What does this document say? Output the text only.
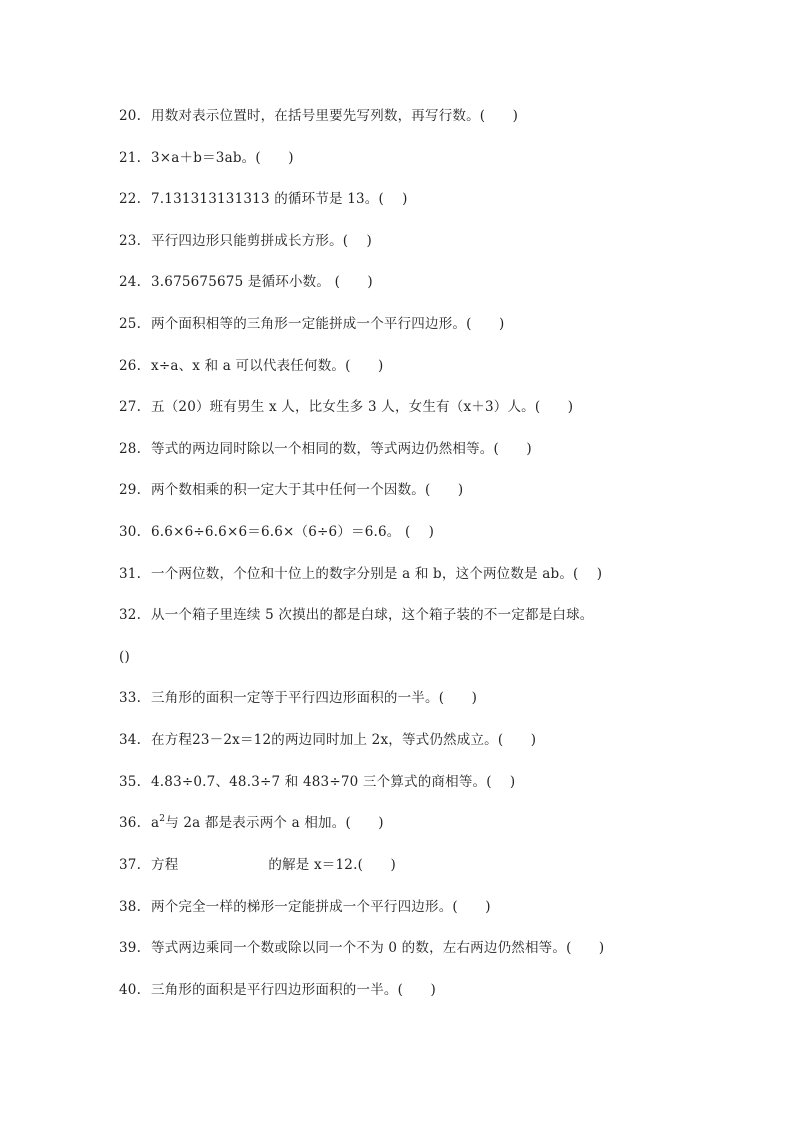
20. 用数对表示位置时，在括号里要先写列数，再写行数。(　　)
21. 3×a＋b＝3ab。(　　)
22. 7.131313131313 的循环节是 13。(　 )
23. 平行四边形只能剪拼成长方形。(　 )
24. 3.675675675 是循环小数。 (　　)
25. 两个面积相等的三角形一定能拼成一个平行四边形。(　　)
26. x÷a、x 和 a 可以代表任何数。(　　)
27. 五（20）班有男生 x 人，比女生多 3 人，女生有（x＋3）人。(　　)
28. 等式的两边同时除以一个相同的数，等式两边仍然相等。(　　)
29. 两个数相乘的积一定大于其中任何一个因数。(　　)
30. 6.6×6÷6.6×6＝6.6×（6÷6）＝6.6。 (　 )
31. 一个两位数，个位和十位上的数字分别是 a 和 b，这个两位数是 ab。(　 )
32. 从一个箱子里连续 5 次摸出的都是白球，这个箱子装的不一定都是白球。
()
33. 三角形的面积一定等于平行四边形面积的一半。(　　)
34. 在方程23－2x＝12的两边同时加上 2x，等式仍然成立。(　　)
35. 4.83÷0.7、48.3÷7 和 483÷70 三个算式的商相等。(　 )
36. $a^2$与 2a 都是表示两个 a 相加。(　　)
37. 方程	的解是 x＝12.(　　)
38. 两个完全一样的梯形一定能拼成一个平行四边形。(　　)
39. 等式两边乘同一个数或除以同一个不为 0 的数，左右两边仍然相等。(　　)
40. 三角形的面积是平行四边形面积的一半。(　　)
